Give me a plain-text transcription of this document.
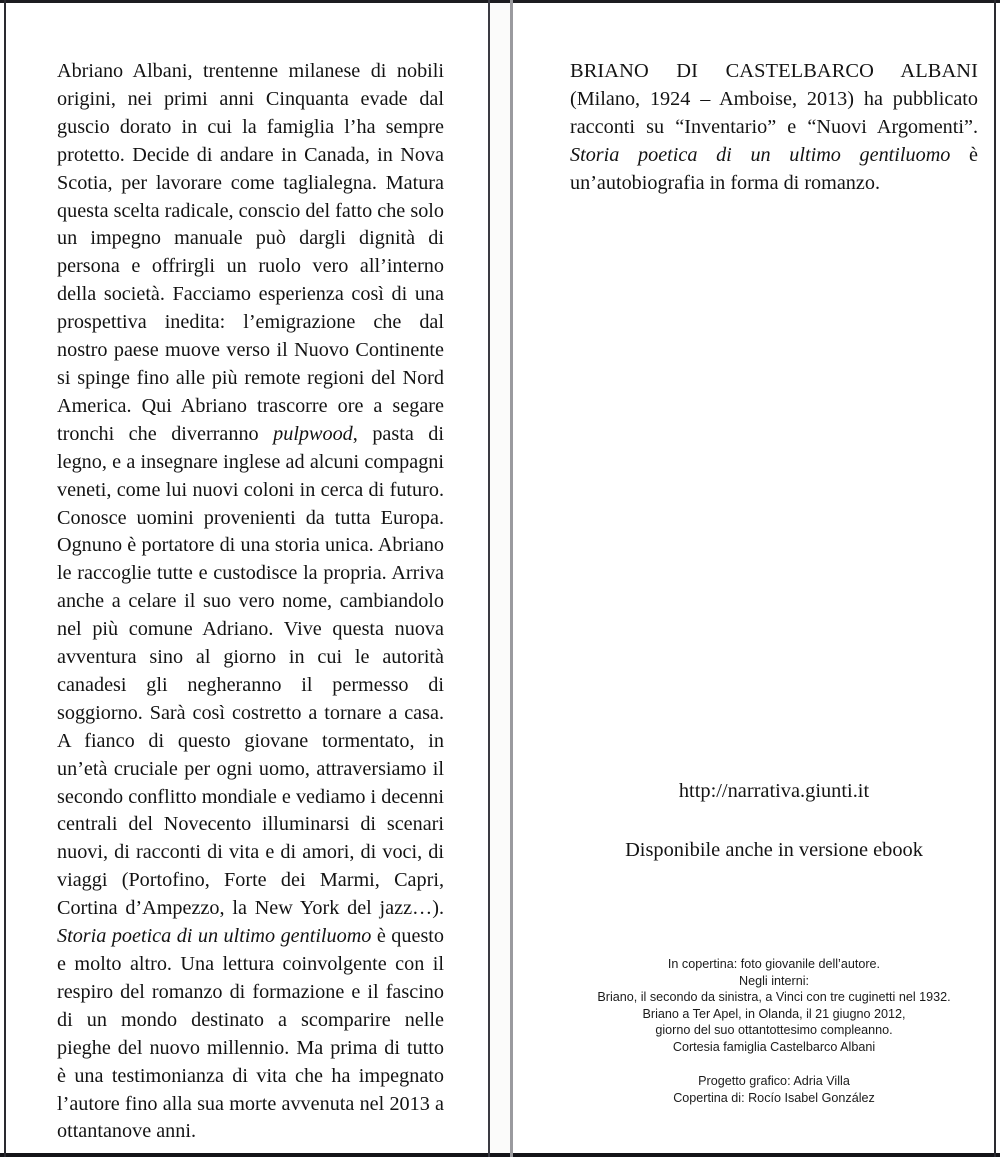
Abriano Albani, trentenne milanese di nobili origini, nei primi anni Cinquanta evade dal guscio dorato in cui la famiglia l’ha sempre protetto. Decide di andare in Canada, in Nova Scotia, per lavorare come taglialegna. Matura questa scelta radicale, conscio del fatto che solo un impegno manuale può dargli dignità di persona e offrirgli un ruolo vero all’interno della società. Facciamo esperienza così di una prospettiva inedita: l’emigrazione che dal nostro paese muove verso il Nuovo Continente si spinge fino alle più remote regioni del Nord America. Qui Abriano trascorre ore a segare tronchi che diverranno pulpwood, pasta di legno, e a insegnare inglese ad alcuni compagni veneti, come lui nuovi coloni in cerca di futuro. Conosce uomini provenienti da tutta Europa. Ognuno è portatore di una storia unica. Abriano le raccoglie tutte e custodisce la propria. Arriva anche a celare il suo vero nome, cambiandolo nel più comune Adriano. Vive questa nuova avventura sino al giorno in cui le autorità canadesi gli negheranno il permesso di soggiorno. Sarà così costretto a tornare a casa. A fianco di questo giovane tormentato, in un’età cruciale per ogni uomo, attraversiamo il secondo conflitto mondiale e vediamo i decenni centrali del Novecento illuminarsi di scenari nuovi, di racconti di vita e di amori, di voci, di viaggi (Portofino, Forte dei Marmi, Capri, Cortina d’Ampezzo, la New York del jazz…). Storia poetica di un ultimo gentiluomo è questo e molto altro. Una lettura coinvolgente con il respiro del romanzo di formazione e il fascino di un mondo destinato a scomparire nelle pieghe del nuovo millennio. Ma prima di tutto è una testimonianza di vita che ha impegnato l’autore fino alla sua morte avvenuta nel 2013 a ottantanove anni.

BRIANO DI CASTELBARCO ALBANI (Milano, 1924 – Amboise, 2013) ha pubblicato racconti su “Inventario” e “Nuovi Argomenti”. Storia poetica di un ultimo gentiluomo è un’autobiografia in forma di romanzo.

http://narrativa.giunti.it
Disponibile anche in versione ebook
In copertina: foto giovanile dell’autore.
Negli interni:
Briano, il secondo da sinistra, a Vinci con tre cuginetti nel 1932.
Briano a Ter Apel, in Olanda, il 21 giugno 2012,
giorno del suo ottantottesimo compleanno.
Cortesia famiglia Castelbarco Albani
Progetto grafico: Adria Villa
Copertina di: Rocío Isabel González
